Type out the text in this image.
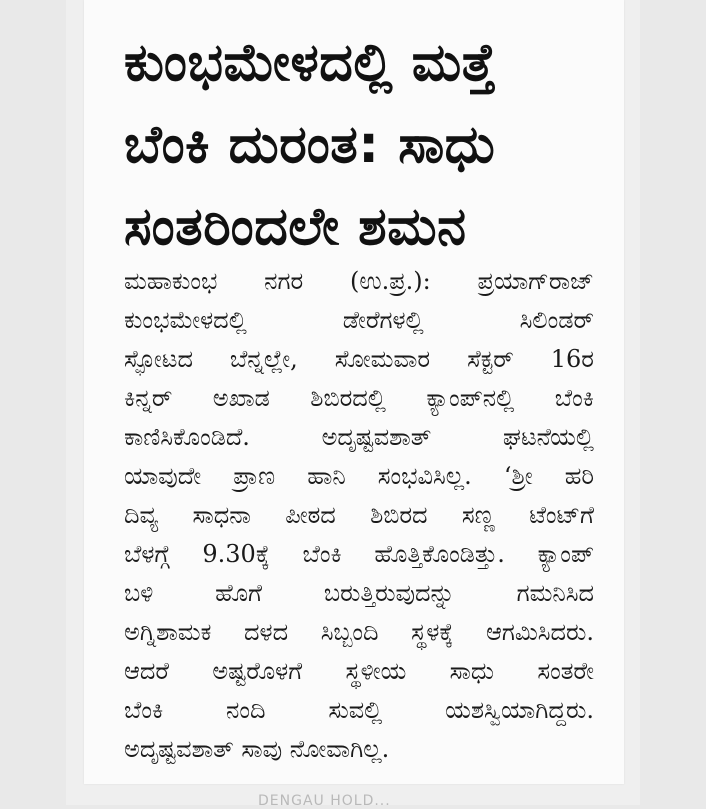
ಕುಂಭಮೇಳದಲ್ಲಿ ಮತ್ತೆ
ಬೆಂಕಿ ದುರಂತ: ಸಾಧು
ಸಂತರಿಂದಲೇ ಶಮನ

ಮಹಾಕುಂಭ ನಗರ (ಉ.ಪ್ರ.): ಪ್ರಯಾಗ್‌ರಾಜ್
ಕುಂಭಮೇಳದಲ್ಲಿ ಡೇರೆಗಳಲ್ಲಿ ಸಿಲಿಂಡರ್
ಸ್ಫೋಟದ ಬೆನ್ನಲ್ಲೇ, ಸೋಮವಾರ ಸೆಕ್ಟರ್ 16ರ
ಕಿನ್ನರ್ ಅಖಾಡ ಶಿಬಿರದಲ್ಲಿ ಕ್ಯಾಂಪ್‌ನಲ್ಲಿ ಬೆಂಕಿ
ಕಾಣಿಸಿಕೊಂಡಿದೆ. ಅದೃಷ್ಟವಶಾತ್ ಘಟನೆಯಲ್ಲಿ
ಯಾವುದೇ ಪ್ರಾಣ ಹಾನಿ ಸಂಭವಿಸಿಲ್ಲ. ‘ಶ್ರೀ ಹರಿ
ದಿವ್ಯ ಸಾಧನಾ ಪೀಠದ ಶಿಬಿರದ ಸಣ್ಣ ಟೆಂಟ್‌ಗೆ
ಬೆಳಗ್ಗೆ 9.30ಕ್ಕೆ ಬೆಂಕಿ ಹೊತ್ತಿಕೊಂಡಿತ್ತು. ಕ್ಯಾಂಪ್
ಬಳಿ ಹೊಗೆ ಬರುತ್ತಿರುವುದನ್ನು ಗಮನಿಸಿದ
ಅಗ್ನಿಶಾಮಕ ದಳದ ಸಿಬ್ಬಂದಿ ಸ್ಥಳಕ್ಕೆ ಆಗಮಿಸಿದರು.
ಆದರೆ ಅಷ್ಟರೊಳಗೆ ಸ್ಥಳೀಯ ಸಾಧು ಸಂತರೇ
ಬೆಂಕಿ ನಂದಿ ಸುವಲ್ಲಿ ಯಶಸ್ವಿಯಾಗಿದ್ದರು.
ಅದೃಷ್ಟವಶಾತ್ ಸಾವು ನೋವಾಗಿಲ್ಲ.

DENGAU HOLD...
